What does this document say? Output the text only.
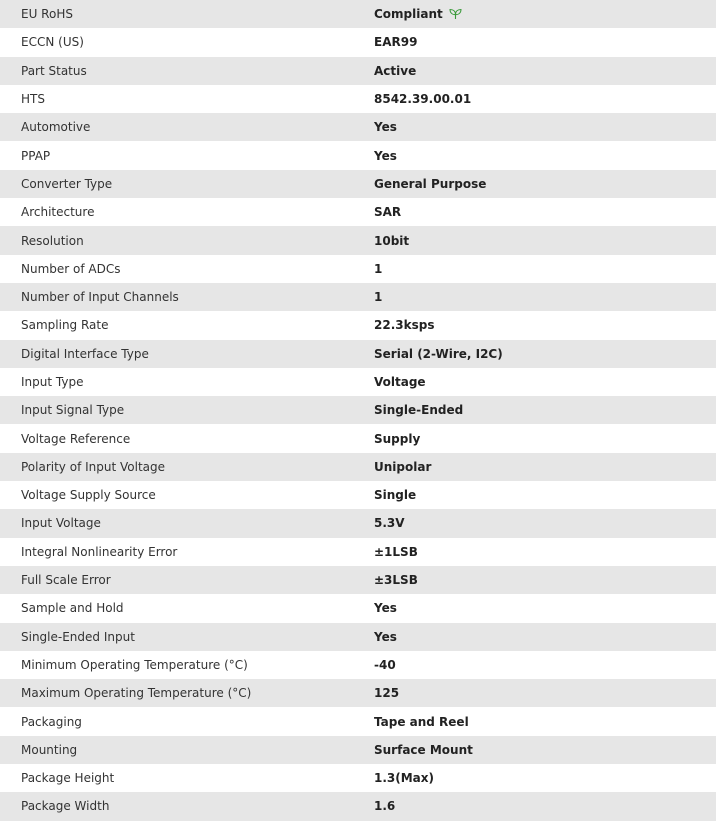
EU RoHS	Compliant
ECCN (US)	EAR99
Part Status	Active
HTS	8542.39.00.01
Automotive	Yes
PPAP	Yes
Converter Type	General Purpose
Architecture	SAR
Resolution	10bit
Number of ADCs	1
Number of Input Channels	1
Sampling Rate	22.3ksps
Digital Interface Type	Serial (2-Wire, I2C)
Input Type	Voltage
Input Signal Type	Single-Ended
Voltage Reference	Supply
Polarity of Input Voltage	Unipolar
Voltage Supply Source	Single
Input Voltage	5.3V
Integral Nonlinearity Error	±1LSB
Full Scale Error	±3LSB
Sample and Hold	Yes
Single-Ended Input	Yes
Minimum Operating Temperature (°C)	-40
Maximum Operating Temperature (°C)	125
Packaging	Tape and Reel
Mounting	Surface Mount
Package Height	1.3(Max)
Package Width	1.6
